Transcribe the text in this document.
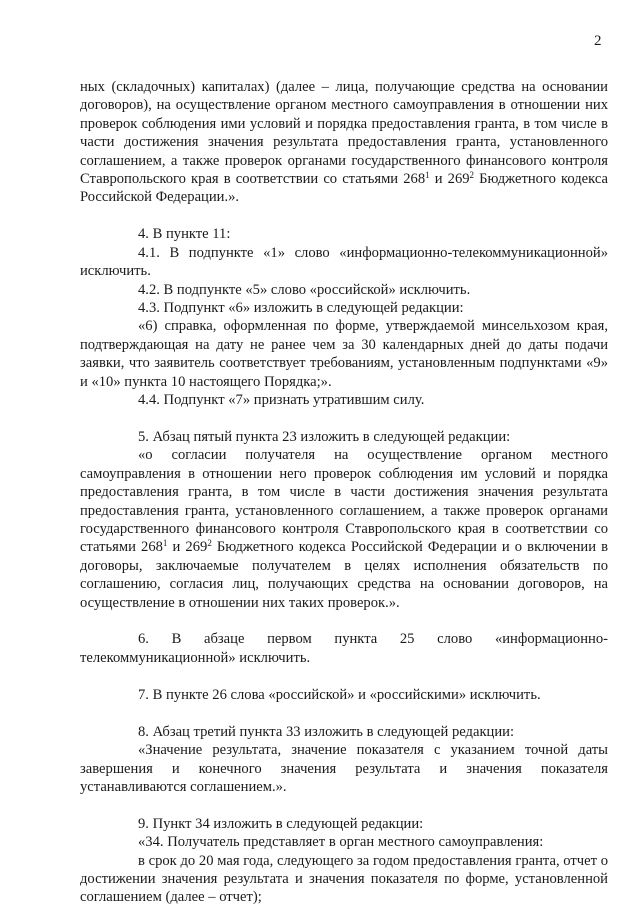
2

ных (складочных) капиталах) (далее – лица, получающие средства на основании договоров), на осуществление органом местного самоуправления в отношении них проверок соблюдения ими условий и порядка предоставления гранта, в том числе в части достижения значения результата предоставления гранта, установленного соглашением, а также проверок органами государственного финансового контроля Ставропольского края в соответствии со статьями $268^1$ и $269^2$ Бюджетного кодекса Российской Федерации.».

4. В пункте 11:

4.1. В подпункте «1» слово «информационно-телекоммуникационной» исключить.

4.2. В подпункте «5» слово «российской» исключить.

4.3. Подпункт «6» изложить в следующей редакции:

«6) справка, оформленная по форме, утверждаемой минсельхозом края, подтверждающая на дату не ранее чем за 30 календарных дней до даты подачи заявки, что заявитель соответствует требованиям, установленным подпунктами «9» и «10» пункта 10 настоящего Порядка;».

4.4. Подпункт «7» признать утратившим силу.

5. Абзац пятый пункта 23 изложить в следующей редакции:

«о согласии получателя на осуществление органом местного самоуправления в отношении него проверок соблюдения им условий и порядка предоставления гранта, в том числе в части достижения значения результата предоставления гранта, установленного соглашением, а также проверок органами государственного финансового контроля Ставропольского края в соответствии со статьями $268^1$ и $269^2$ Бюджетного кодекса Российской Федерации и о включении в договоры, заключаемые получателем в целях исполнения обязательств по соглашению, согласия лиц, получающих средства на основании договоров, на осуществление в отношении них таких проверок.».

6. В абзаце первом пункта 25 слово «информационно-телекоммуникационной» исключить.

7. В пункте 26 слова «российской» и «российскими» исключить.

8. Абзац третий пункта 33 изложить в следующей редакции:

«Значение результата, значение показателя с указанием точной даты завершения и конечного значения результата и значения показателя устанавливаются соглашением.».

9. Пункт 34 изложить в следующей редакции:

«34. Получатель представляет в орган местного самоуправления:

в срок до 20 мая года, следующего за годом предоставления гранта, отчет о достижении значения результата и значения показателя по форме, установленной соглашением (далее – отчет);
